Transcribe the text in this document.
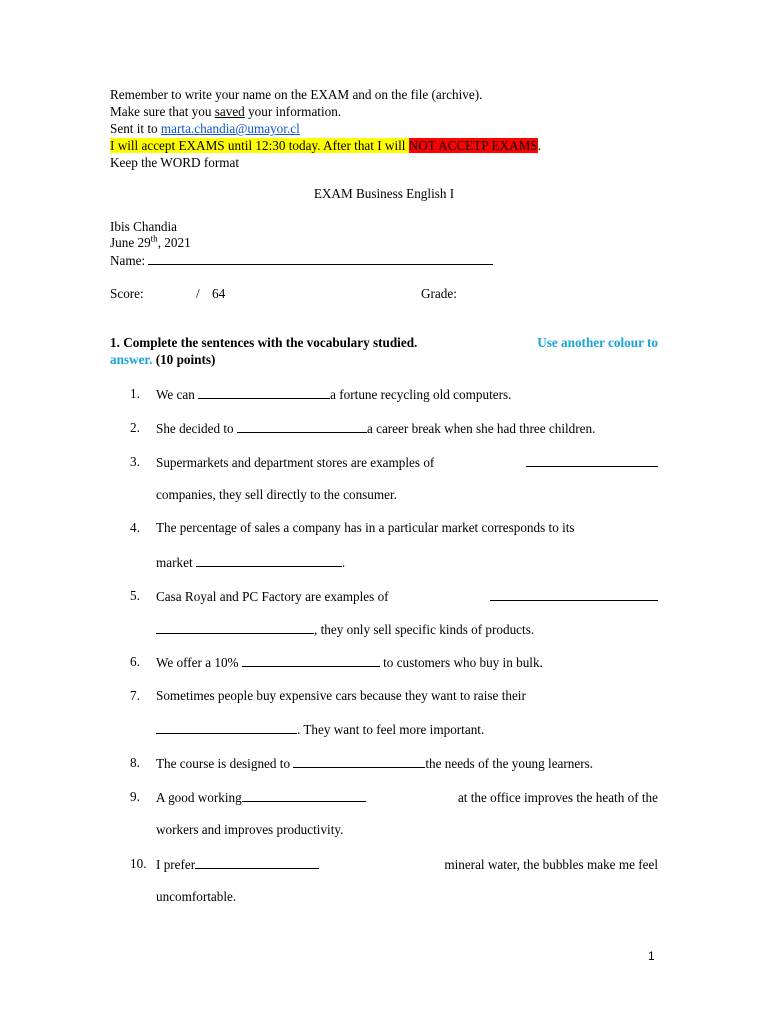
Remember to write your name on the EXAM and on the file (archive).
Make sure that you saved your information.
Sent it to marta.chandia@umayor.cl
I will accept EXAMS until 12:30 today. After that I will NOT ACCETP EXAMS.
Keep the WORD format
EXAM Business English I
Ibis Chandia
June 29th, 2021
Name:
Score:	/ 64	Grade:
1. Complete the sentences with the vocabulary studied.	Use another colour to
answer. (10 points)
1.	We can	a fortune recycling old computers.
2.	She decided to	a career break when she had three children.
3.	Supermarkets and department stores are examples of
companies, they sell directly to the consumer.
4.	The percentage of sales a company has in a particular market corresponds to its
market	.
5.	Casa Royal and PC Factory are examples of
, they only sell specific kinds of products.
6.	We offer a 10%	to customers who buy in bulk.
7.	Sometimes people buy expensive cars because they want to raise their
. They want to feel more important.
8.	The course is designed to	the needs of the young learners.
9.	A good working	at the office improves the heath of the
workers and improves productivity.
10. I prefer	mineral water, the bubbles make me feel
uncomfortable.
1
